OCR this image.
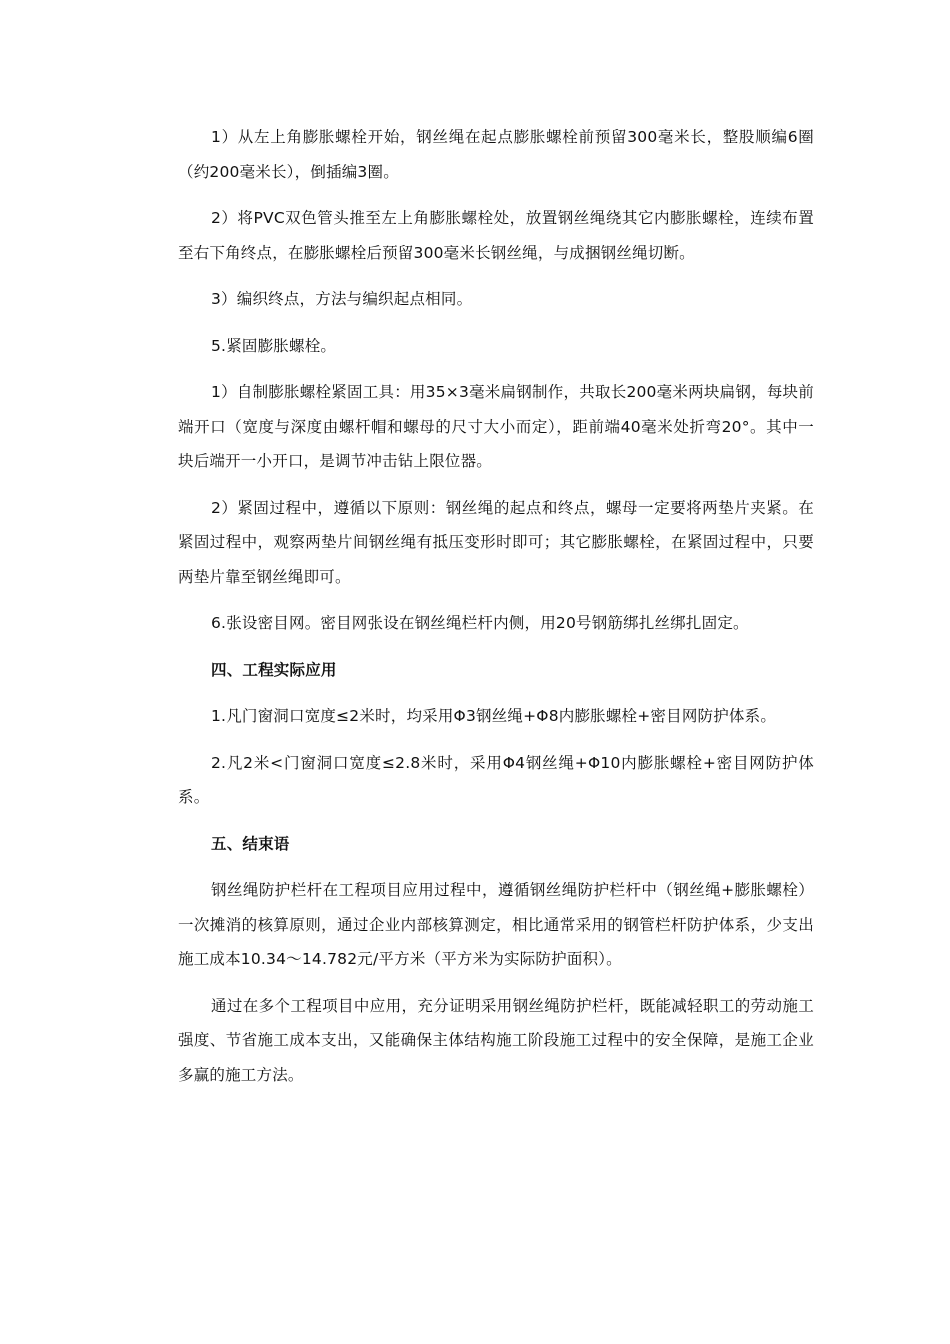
1）从左上角膨胀螺栓开始，钢丝绳在起点膨胀螺栓前预留300毫米长，整股顺编6圈（约200毫米长），倒插编3圈。

2）将PVC双色管头推至左上角膨胀螺栓处，放置钢丝绳绕其它内膨胀螺栓，连续布置至右下角终点，在膨胀螺栓后预留300毫米长钢丝绳，与成捆钢丝绳切断。

3）编织终点，方法与编织起点相同。

5.紧固膨胀螺栓。

1）自制膨胀螺栓紧固工具：用35×3毫米扁钢制作，共取长200毫米两块扁钢，每块前端开口（宽度与深度由螺杆帽和螺母的尺寸大小而定），距前端40毫米处折弯20°。其中一块后端开一小开口，是调节冲击钻上限位器。

2）紧固过程中，遵循以下原则：钢丝绳的起点和终点，螺母一定要将两垫片夹紧。在紧固过程中，观察两垫片间钢丝绳有抵压变形时即可；其它膨胀螺栓，在紧固过程中，只要两垫片靠至钢丝绳即可。

6.张设密目网。密目网张设在钢丝绳栏杆内侧，用20号钢筋绑扎丝绑扎固定。

四、工程实际应用

1.凡门窗洞口宽度≤2米时，均采用Φ3钢丝绳+Φ8内膨胀螺栓+密目网防护体系。

2.凡2米<门窗洞口宽度≤2.8米时，采用Φ4钢丝绳+Φ10内膨胀螺栓+密目网防护体系。

五、结束语

钢丝绳防护栏杆在工程项目应用过程中，遵循钢丝绳防护栏杆中（钢丝绳+膨胀螺栓）一次摊消的核算原则，通过企业内部核算测定，相比通常采用的钢管栏杆防护体系，少支出施工成本10.34～14.782元/平方米（平方米为实际防护面积）。

通过在多个工程项目中应用，充分证明采用钢丝绳防护栏杆，既能减轻职工的劳动施工强度、节省施工成本支出，又能确保主体结构施工阶段施工过程中的安全保障，是施工企业多赢的施工方法。
